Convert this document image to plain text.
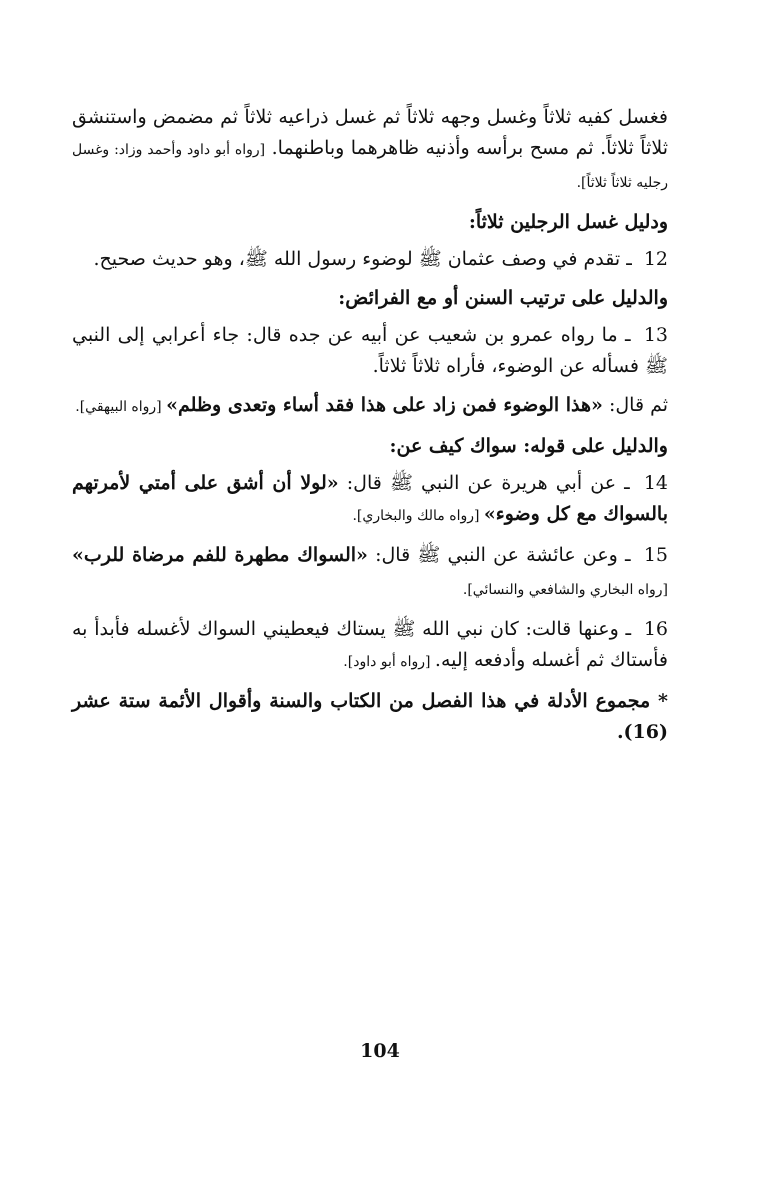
فغسل كفيه ثلاثاً وغسل وجهه ثلاثاً ثم غسل ذراعيه ثلاثاً ثم مضمض واستنشق ثلاثاً ثلاثاً. ثم مسح برأسه وأذنيه ظاهرهما وباطنهما. [رواه أبو داود وأحمد وزاد: وغسل رجليه ثلاثاً ثلاثاً].

ودليل غسل الرجلين ثلاثاً:

12 ـ تقدم في وصف عثمان ﷺ لوضوء رسول الله ﷺ، وهو حديث صحيح.

والدليل على ترتيب السنن أو مع الفرائض:

13 ـ ما رواه عمرو بن شعيب عن أبيه عن جده قال: جاء أعرابي إلى النبي ﷺ فسأله عن الوضوء، فأراه ثلاثاً ثلاثاً.

ثم قال: «هذا الوضوء فمن زاد على هذا فقد أساء وتعدى وظلم» [رواه البيهقي].

والدليل على قوله: سواك كيف عن:

14 ـ عن أبي هريرة عن النبي ﷺ قال: «لولا أن أشق على أمتي لأمرتهم بالسواك مع كل وضوء» [رواه مالك والبخاري].

15 ـ وعن عائشة عن النبي ﷺ قال: «السواك مطهرة للفم مرضاة للرب» [رواه البخاري والشافعي والنسائي].

16 ـ وعنها قالت: كان نبي الله ﷺ يستاك فيعطيني السواك لأغسله فأبدأ به فأستاك ثم أغسله وأدفعه إليه. [رواه أبو داود].

* مجموع الأدلة في هذا الفصل من الكتاب والسنة وأقوال الأئمة ستة عشر (16).

104
